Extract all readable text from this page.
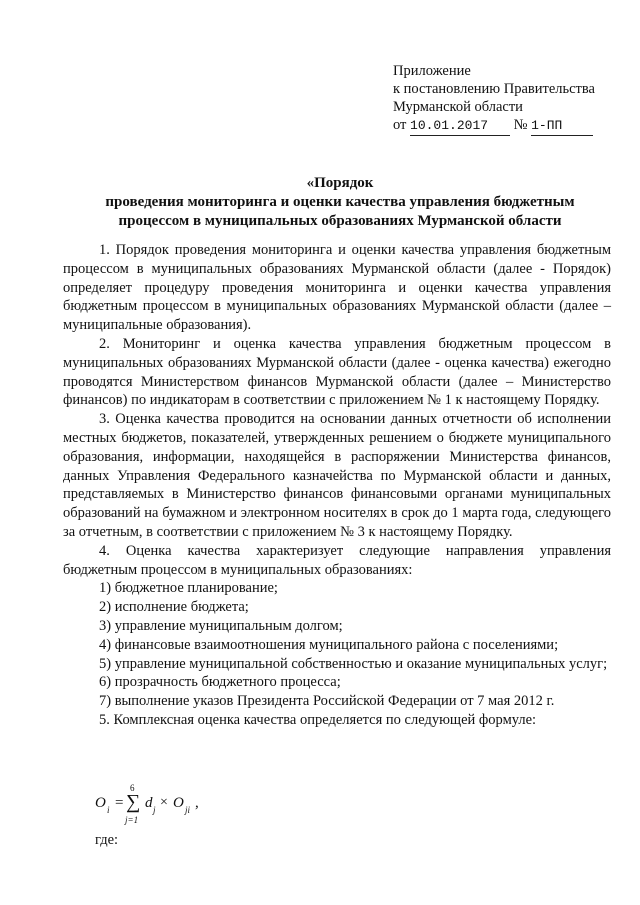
Приложение
к постановлению Правительства
Мурманской области
от 10.01.2017 № 1-ПП
«Порядок
проведения мониторинга и оценки качества управления бюджетным
процессом в муниципальных образованиях Мурманской области

1. Порядок проведения мониторинга и оценки качества управления бюджетным процессом в муниципальных образованиях Мурманской области (далее - Порядок) определяет процедуру проведения мониторинга и оценки качества управления бюджетным процессом в муниципальных образованиях Мурманской области (далее – муниципальные образования).

2. Мониторинг и оценка качества управления бюджетным процессом в муниципальных образованиях Мурманской области (далее - оценка качества) ежегодно проводятся Министерством финансов Мурманской области (далее – Министерство финансов) по индикаторам в соответствии с приложением № 1 к настоящему Порядку.

3. Оценка качества проводится на основании данных отчетности об исполнении местных бюджетов, показателей, утвержденных решением о бюджете муниципального образования, информации, находящейся в распоряжении Министерства финансов, данных Управления Федерального казначейства по Мурманской области и данных, представляемых в Министерство финансов финансовыми органами муниципальных образований на бумажном и электронном носителях в срок до 1 марта года, следующего за отчетным, в соответствии с приложением № 3 к настоящему Порядку.

4. Оценка качества характеризует следующие направления управления бюджетным процессом в муниципальных образованиях:

1) бюджетное планирование;

2) исполнение бюджета;

3) управление муниципальным долгом;

4) финансовые взаимоотношения муниципального района с поселениями;

5) управление муниципальной собственностью и оказание муниципальных услуг;

6) прозрачность бюджетного процесса;

7) выполнение указов Президента Российской Федерации от 7 мая 2012 г.

5. Комплексная оценка качества определяется по следующей формуле:

O i =
6
∑
j=1
d j × O ji ,
где:
